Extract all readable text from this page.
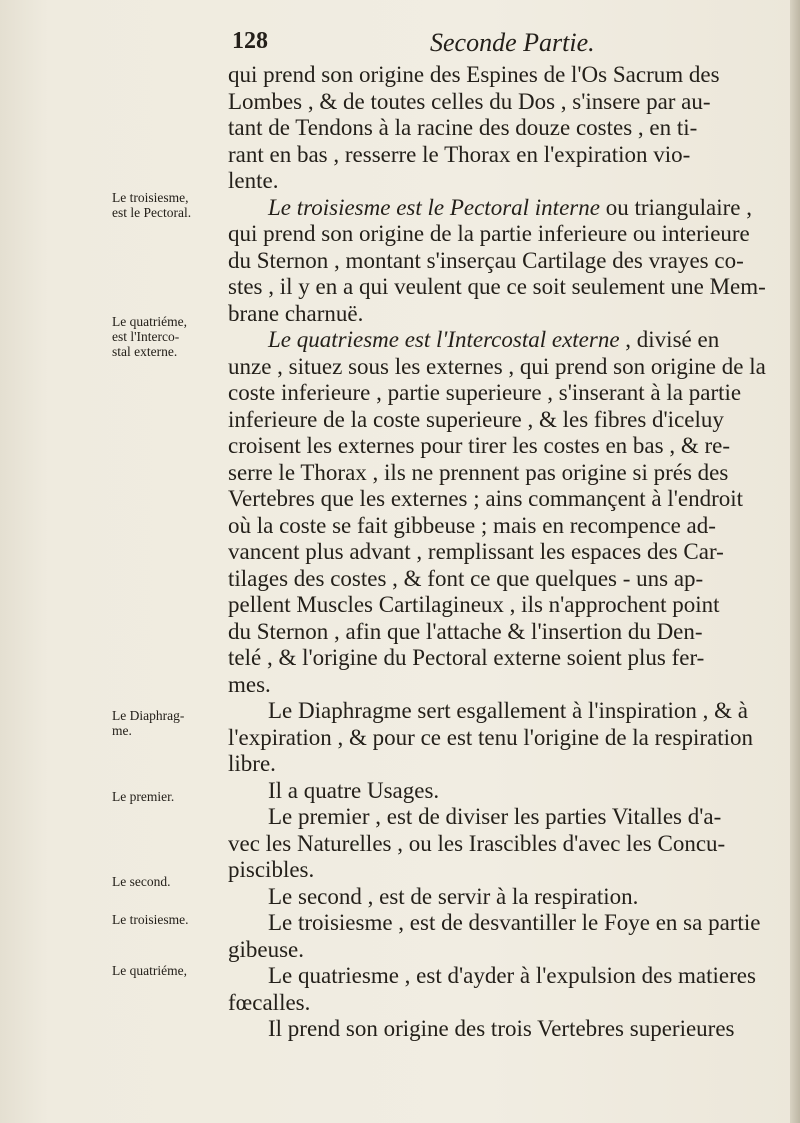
128	Seconde Partie.
Le troisiesme,
est le Pectoral.
Le quatriéme,
est l'Interco-
stal externe.
Le Diaphrag-
me.
Le premier.
Le second.
Le troisiesme.
Le quatriéme,
qui prend son origine des Espines de l'Os Sacrum des
Lombes , & de toutes celles du Dos , s'insere par au-
tant de Tendons à la racine des douze costes , en ti-
rant en bas , resserre le Thorax en l'expiration vio-
lente.
Le troisiesme est le Pectoral interne ou triangulaire ,
qui prend son origine de la partie inferieure ou interieure
du Sternon , montant s'inserçau Cartilage des vrayes co-
stes , il y en a qui veulent que ce soit seulement une Mem-
brane charnuë.
Le quatriesme est l'Intercostal externe , divisé en
unze , situez sous les externes , qui prend son origine de la
coste inferieure , partie superieure , s'inserant à la partie
inferieure de la coste superieure , & les fibres d'iceluy
croisent les externes pour tirer les costes en bas , & re-
serre le Thorax , ils ne prennent pas origine si prés des
Vertebres que les externes ; ains commançent à l'endroit
où la coste se fait gibbeuse ; mais en recompence ad-
vancent plus advant , remplissant les espaces des Car-
tilages des costes , & font ce que quelques - uns ap-
pellent Muscles Cartilagineux , ils n'approchent point
du Sternon , afin que l'attache & l'insertion du Den-
telé , & l'origine du Pectoral externe soient plus fer-
mes.
Le Diaphragme sert esgallement à l'inspiration , & à
l'expiration , & pour ce est tenu l'origine de la respiration
libre.
Il a quatre Usages.
Le premier , est de diviser les parties Vitalles d'a-
vec les Naturelles , ou les Irascibles d'avec les Concu-
piscibles.
Le second , est de servir à la respiration.
Le troisiesme , est de desvantiller le Foye en sa partie
gibeuse.
Le quatriesme , est d'ayder à l'expulsion des matieres
fœcalles.
Il prend son origine des trois Vertebres superieures
